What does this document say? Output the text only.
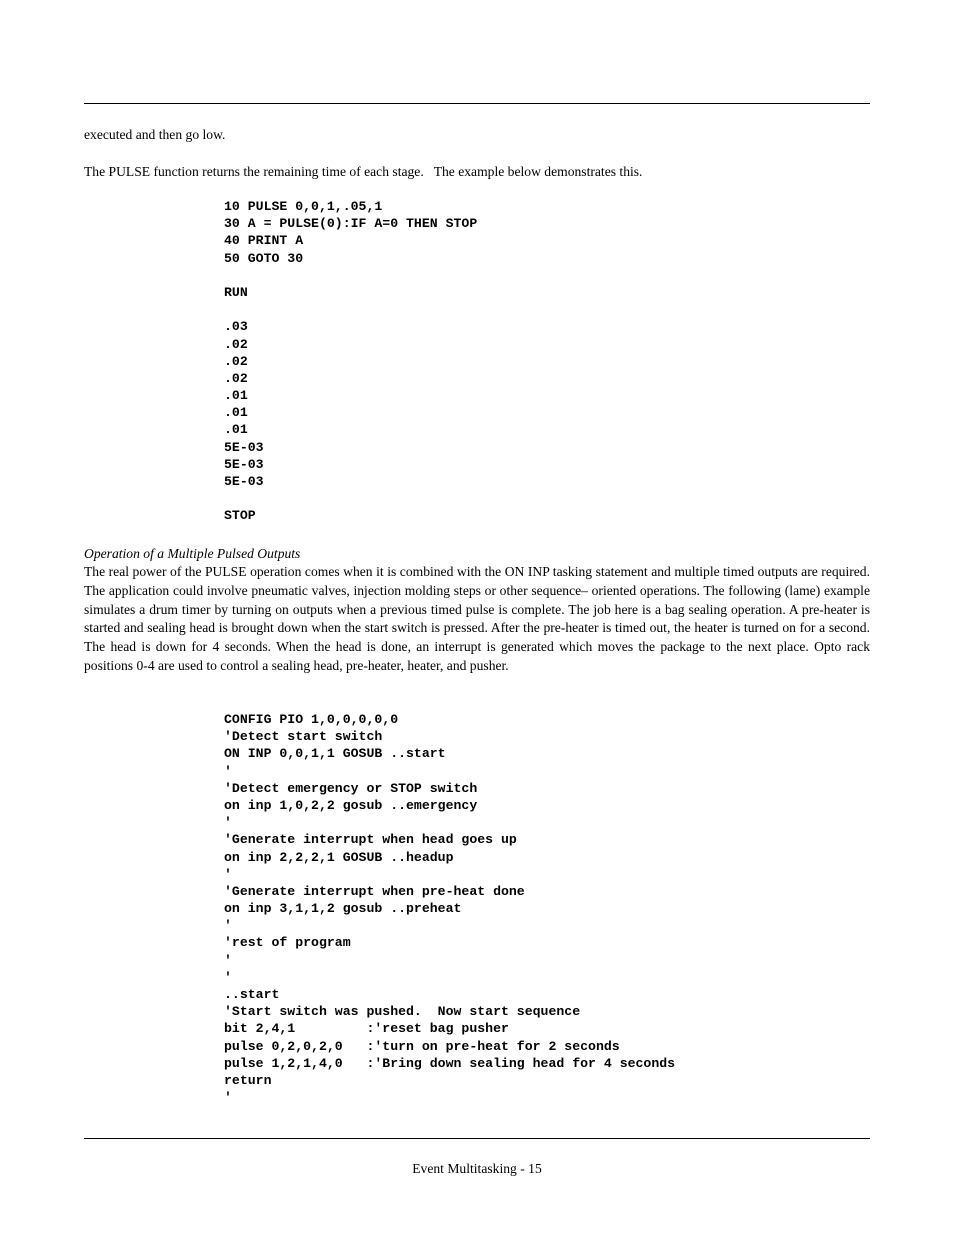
executed and then go low.

The PULSE function returns the remaining time of each stage.   The example below demonstrates this.

10 PULSE 0,0,1,.05,1
30 A = PULSE(0):IF A=0 THEN STOP
40 PRINT A
50 GOTO 30
RUN
.03
.02
.02
.02
.01
.01
.01
5E-03
5E-03
5E-03
STOP

Operation of a Multiple Pulsed Outputs

The real power of the PULSE operation comes when it is combined with the ON INP tasking statement and multiple timed outputs are required. The application could involve pneumatic valves, injection molding steps or other sequence– oriented operations. The following (lame) example simulates a drum timer by turning on outputs when a previous timed pulse is complete. The job here is a bag sealing operation. A pre-heater is started and sealing head is brought down when the start switch is pressed. After the pre-heater is timed out, the heater is turned on for a second. The head is down for 4 seconds. When the head is done, an interrupt is generated which moves the package to the next place. Opto rack positions 0-4 are used to control a sealing head, pre-heater, heater, and pusher.

CONFIG PIO 1,0,0,0,0,0
'Detect start switch
ON INP 0,0,1,1 GOSUB ..start
'
'Detect emergency or STOP switch
on inp 1,0,2,2 gosub ..emergency
'
'Generate interrupt when head goes up
on inp 2,2,2,1 GOSUB ..headup
'
'Generate interrupt when pre-heat done
on inp 3,1,1,2 gosub ..preheat
'
'rest of program
'
'
..start
'Start switch was pushed.  Now start sequence
bit 2,4,1         :'reset bag pusher
pulse 0,2,0,2,0   :'turn on pre-heat for 2 seconds
pulse 1,2,1,4,0   :'Bring down sealing head for 4 seconds
return
'
Event Multitasking - 15
